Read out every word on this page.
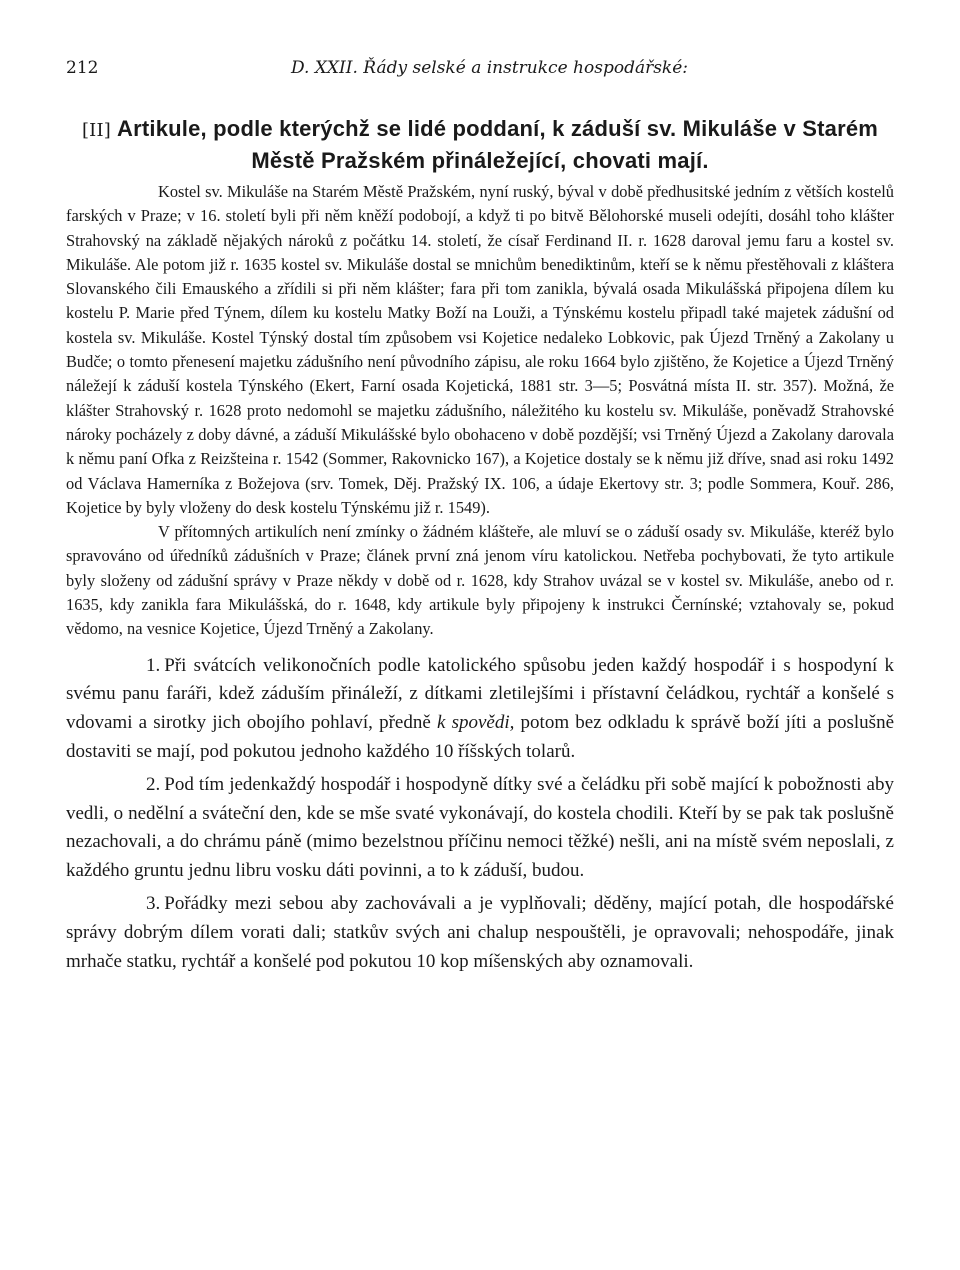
212	D. XXII. Řády selské a instrukce hospodářské:
[II] Artikule, podle kterýchž se lidé poddaní, k záduší sv. Mikuláše v Starém Městě Pražském přináležející, chovati mají.

Kostel sv. Mikuláše na Starém Městě Pražském, nyní ruský, býval v době předhusitské jedním z větších kostelů farských v Praze; v 16. století byli při něm kněží podobojí, a když ti po bitvě Bělohorské museli odejíti, dosáhl toho klášter Strahovský na základě nějakých nároků z počátku 14. století, že císař Ferdinand II. r. 1628 daroval jemu faru a kostel sv. Mikuláše. Ale potom již r. 1635 kostel sv. Mikuláše dostal se mnichům benediktinům, kteří se k němu přestěhovali z kláštera Slovanského čili Emauského a zřídili si při něm klášter; fara při tom zanikla, bývalá osada Mikulášská připojena dílem ku kostelu P. Marie před Týnem, dílem ku kostelu Matky Boží na Louži, a Týnskému kostelu připadl také majetek zádušní od kostela sv. Mikuláše. Kostel Týnský dostal tím způsobem vsi Kojetice nedaleko Lobkovic, pak Újezd Trněný a Zakolany u Budče; o tomto přenesení majetku zádušního není původního zápisu, ale roku 1664 bylo zjištěno, že Kojetice a Újezd Trněný náležejí k záduší kostela Týnského (Ekert, Farní osada Kojetická, 1881 str. 3—5; Posvátná místa II. str. 357). Možná, že klášter Strahovský r. 1628 proto nedomohl se majetku zádušního, náležitého ku kostelu sv. Mikuláše, poněvadž Strahovské nároky pocházely z doby dávné, a záduší Mikulášské bylo obohaceno v době pozdější; vsi Trněný Újezd a Zakolany darovala k němu paní Ofka z Reizšteina r. 1542 (Sommer, Rakovnicko 167), a Kojetice dostaly se k němu již dříve, snad asi roku 1492 od Václava Hamerníka z Božejova (srv. Tomek, Děj. Pražský IX. 106, a údaje Ekertovy str. 3; podle Sommera, Kouř. 286, Kojetice by byly vloženy do desk kostelu Týnskému již r. 1549).

V přítomných artikulích není zmínky o žádném klášteře, ale mluví se o záduší osady sv. Mikuláše, kteréž bylo spravováno od úředníků zádušních v Praze; článek první zná jenom víru katolickou. Netřeba pochybovati, že tyto artikule byly složeny od zádušní správy v Praze někdy v době od r. 1628, kdy Strahov uvázal se v kostel sv. Mikuláše, anebo od r. 1635, kdy zanikla fara Mikulášská, do r. 1648, kdy artikule byly připojeny k instrukci Černínské; vztahovaly se, pokud vědomo, na vesnice Kojetice, Újezd Trněný a Zakolany.

1. Při svátcích velikonočních podle katolického spůsobu jeden každý hospodář i s hospodyní k svému panu faráři, kdež záduším přináleží, z dítkami zletilejšími i přístavní čeládkou, rychtář a konšelé s vdovami a sirotky jich obojího pohlaví, předně k spovědi, potom bez odkladu k správě boží jíti a poslušně dostaviti se mají, pod pokutou jednoho každého 10 říšských tolarů.

2. Pod tím jedenkaždý hospodář i hospodyně dítky své a čeládku při sobě mající k pobožnosti aby vedli, o nedělní a sváteční den, kde se mše svaté vykonávají, do kostela chodili. Kteří by se pak tak poslušně nezachovali, a do chrámu páně (mimo bezelstnou příčinu nemoci těžké) nešli, ani na místě svém neposlali, z každého gruntu jednu libru vosku dáti povinni, a to k záduší, budou.

3. Pořádky mezi sebou aby zachovávali a je vyplňovali; děděny, mající potah, dle hospodářské správy dobrým dílem vorati dali; statkův svých ani chalup nespouštěli, je opravovali; nehospodáře, jinak mrhače statku, rychtář a konšelé pod pokutou 10 kop míšenských aby oznamovali.
